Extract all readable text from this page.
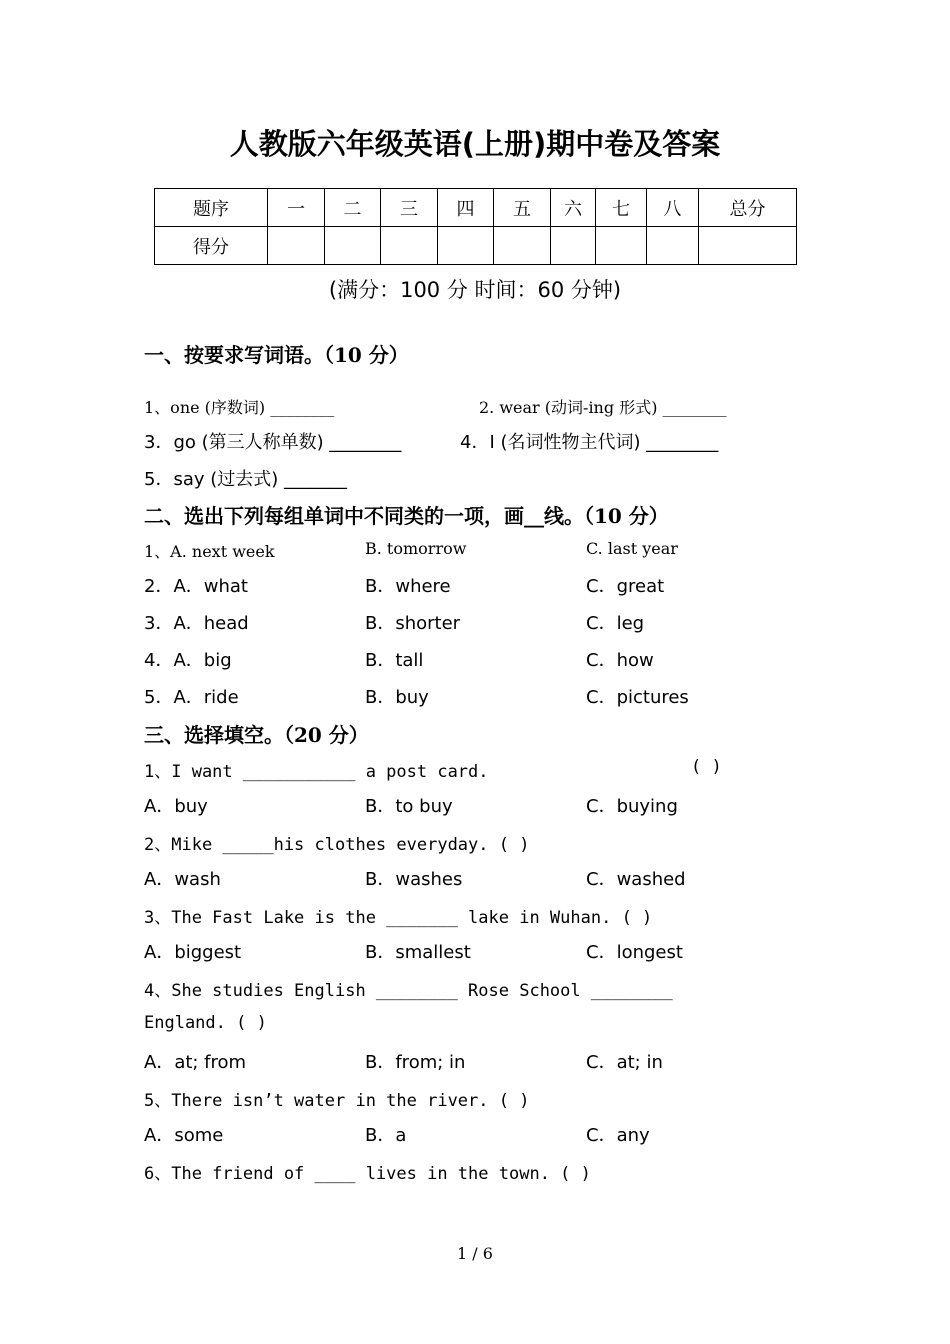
人教版六年级英语(上册)期中卷及答案
题序	一	二	三	四	五	六	七	八	总分
得分									
(满分：100 分 时间：60 分钟)
一、按要求写词语。（10 分）
1、one (序数词) ________	2. wear (动词-ing 形式) ________
3．go (第三人称单数) ________	4．I (名词性物主代词) ________
5．say (过去式) _______
二、选出下列每组单词中不同类的一项，画__线。（10 分）
1、A. next week	B. tomorrow	C. last year
2．A．what	B．where	C．great
3．A．head	B．shorter	C．leg
4．A．big	B．tall	C．how
5．A．ride	B．buy	C．pictures
三、选择填空。（20 分）
1、I want ___________ a post card.	( )
A．buy	B．to buy	C．buying
2、Mike _____his clothes everyday. ( )
A．wash	B．washes	C．washed
3、The Fast Lake is the _______ lake in Wuhan. ( )
A．biggest	B．smallest	C．longest
4、She studies English ________ Rose School ________
England. ( )
A．at; from	B．from; in	C．at; in
5、There isn’t water in the river. ( )
A．some	B．a	C．any
6、The friend of ____ lives in the town. ( )
1 / 6
